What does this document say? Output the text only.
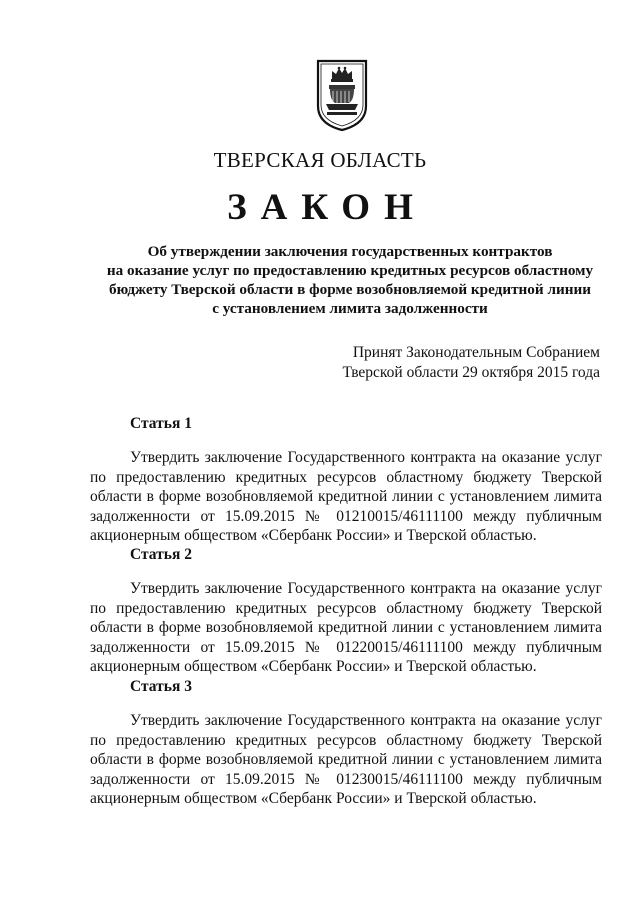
ТВЕРСКАЯ ОБЛАСТЬ
ЗАКОН
Об утверждении заключения государственных контрактов
на оказание услуг по предоставлению кредитных ресурсов областному
бюджету Тверской области в форме возобновляемой кредитной линии
с установлением лимита задолженности
Принят Законодательным Собранием
Тверской области 29 октября 2015 года
Статья 1
Утвердить заключение Государственного контракта на оказание услуг
по предоставлению кредитных ресурсов областному бюджету Тверской
области в форме возобновляемой кредитной линии с установлением лимита
задолженности от 15.09.2015 № 01210015/46111100 между публичным
акционерным обществом «Сбербанк России» и Тверской областью.
Статья 2
Утвердить заключение Государственного контракта на оказание услуг
по предоставлению кредитных ресурсов областному бюджету Тверской
области в форме возобновляемой кредитной линии с установлением лимита
задолженности от 15.09.2015 № 01220015/46111100 между публичным
акционерным обществом «Сбербанк России» и Тверской областью.
Статья 3
Утвердить заключение Государственного контракта на оказание услуг
по предоставлению кредитных ресурсов областному бюджету Тверской
области в форме возобновляемой кредитной линии с установлением лимита
задолженности от 15.09.2015 № 01230015/46111100 между публичным
акционерным обществом «Сбербанк России» и Тверской областью.
